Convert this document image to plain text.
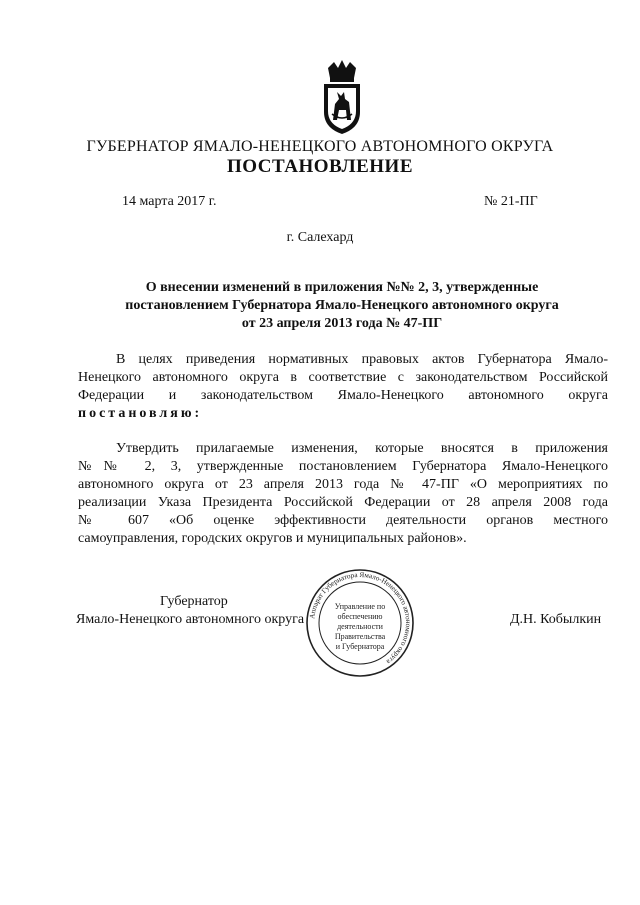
ГУБЕРНАТОР ЯМАЛО-НЕНЕЦКОГО АВТОНОМНОГО ОКРУГА
ПОСТАНОВЛЕНИЕ
14 марта 2017 г.	№ 21-ПГ
г. Салехард
О внесении изменений в приложения №№ 2, 3, утвержденные
постановлением Губернатора Ямало-Ненецкого автономного округа
от 23 апреля 2013 года № 47-ПГ
В целях приведения нормативных правовых актов Губернатора Ямало-
Ненецкого автономного округа в соответствие с законодательством Российской
Федерации и законодательством Ямало-Ненецкого автономного округа
постановляю:
Утвердить прилагаемые изменения, которые вносятся в приложения
№№ 2, 3, утвержденные постановлением Губернатора Ямало-Ненецкого
автономного округа от 23 апреля 2013 года № 47-ПГ «О мероприятиях по
реализации Указа Президента Российской Федерации от 28 апреля 2008 года
№ 607 «Об оценке эффективности деятельности органов местного
самоуправления, городских округов и муниципальных районов».
Губернатор
Ямало-Ненецкого автономного округа	Д.Н. Кобылкин
Аппарат Губернатора Ямало-Ненецкого автономного округа
Управление по
обеспечению
деятельности
Правительства
и Губернатора
